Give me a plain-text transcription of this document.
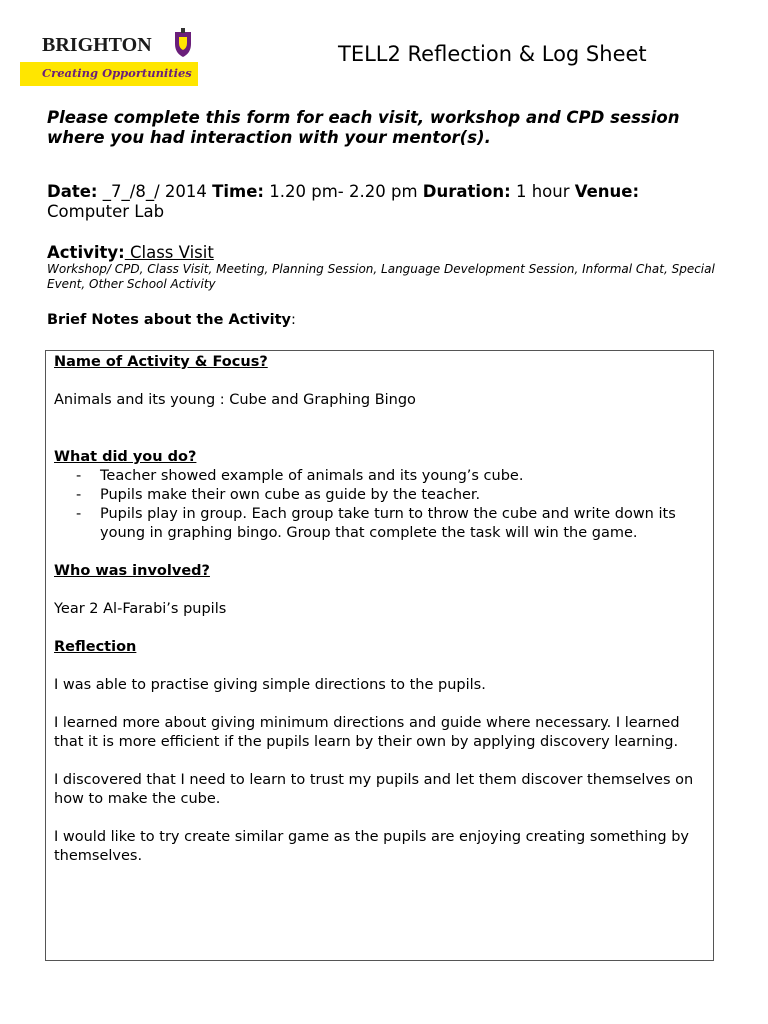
BRIGHTON
Creating Opportunities
TELL2 Reflection & Log Sheet
Please complete this form for each visit, workshop and CPD session where you had interaction with your mentor(s).
Date: _7_/8_/ 2014 Time: 1.20 pm- 2.20 pm Duration: 1 hour Venue:
Computer Lab
Activity: Class Visit
Workshop/ CPD, Class Visit, Meeting, Planning Session, Language Development Session, Informal Chat, Special Event, Other School Activity
Brief Notes about the Activity:
Name of Activity & Focus?
Animals and its young : Cube and Graphing Bingo
What did you do?
- Teacher showed example of animals and its young’s cube.
- Pupils make their own cube as guide by the teacher.
- Pupils play in group. Each group take turn to throw the cube and write down its young in graphing bingo. Group that complete the task will win the game.
Who was involved?
Year 2 Al-Farabi’s pupils
Reflection
I was able to practise giving simple directions to the pupils.
I learned more about giving minimum directions and guide where necessary. I learned that it is more efficient if the pupils learn by their own by applying discovery learning.
I discovered that I need to learn to trust my pupils and let them discover themselves on how to make the cube.
I would like to try create similar game as the pupils are enjoying creating something by themselves.
